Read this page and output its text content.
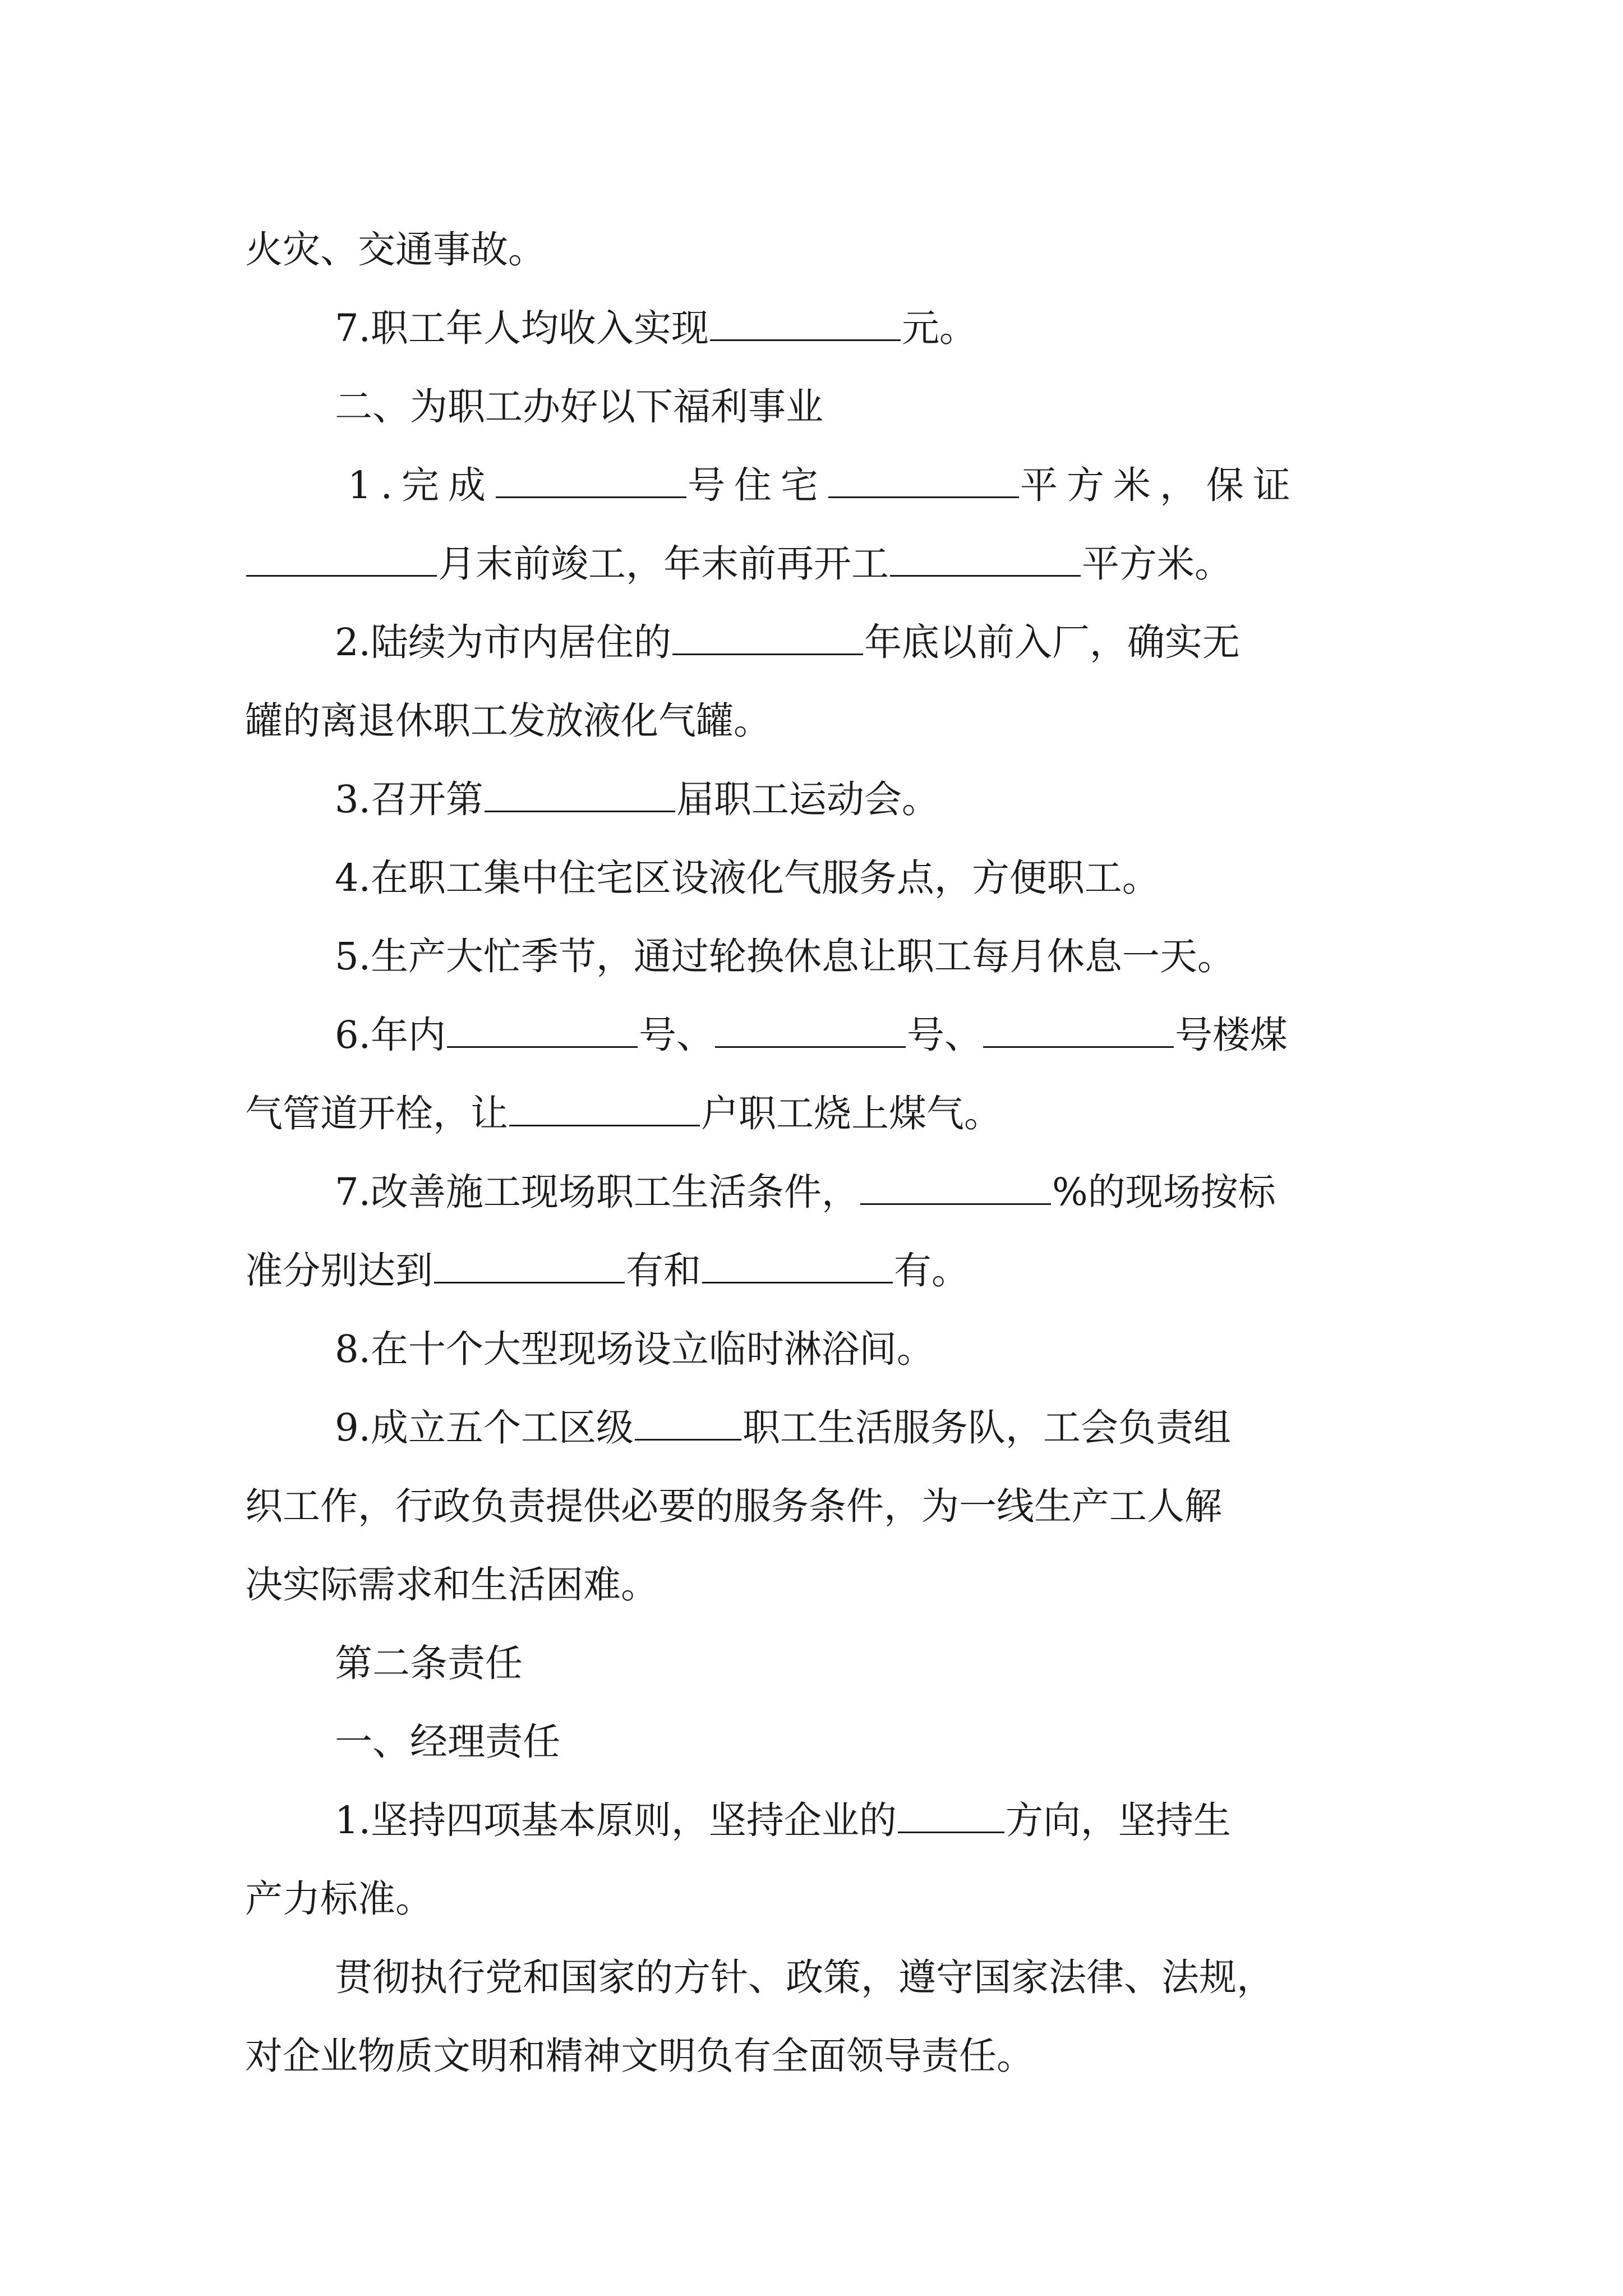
火灾、交通事故。
7.职工年人均收入实现	元。
二、为职工办好以下福利事业
1.完成	号住宅	平方米，保证
月末前竣工，年末前再开工	平方米。
2.陆续为市内居住的	年底以前入厂，确实无
罐的离退休职工发放液化气罐。
3.召开第	届职工运动会。
4.在职工集中住宅区设液化气服务点，方便职工。
5.生产大忙季节，通过轮换休息让职工每月休息一天。
6.年内	号、	号、	号楼煤
气管道开栓，让	户职工烧上煤气。
7.改善施工现场职工生活条件，	%的现场按标
准分别达到	有和	有。
8.在十个大型现场设立临时淋浴间。
9.成立五个工区级	职工生活服务队，工会负责组
织工作，行政负责提供必要的服务条件，为一线生产工人解
决实际需求和生活困难。
第二条责任
一、经理责任
1.坚持四项基本原则，坚持企业的	方向，坚持生
产力标准。
贯彻执行党和国家的方针、政策，遵守国家法律、法规，
对企业物质文明和精神文明负有全面领导责任。
